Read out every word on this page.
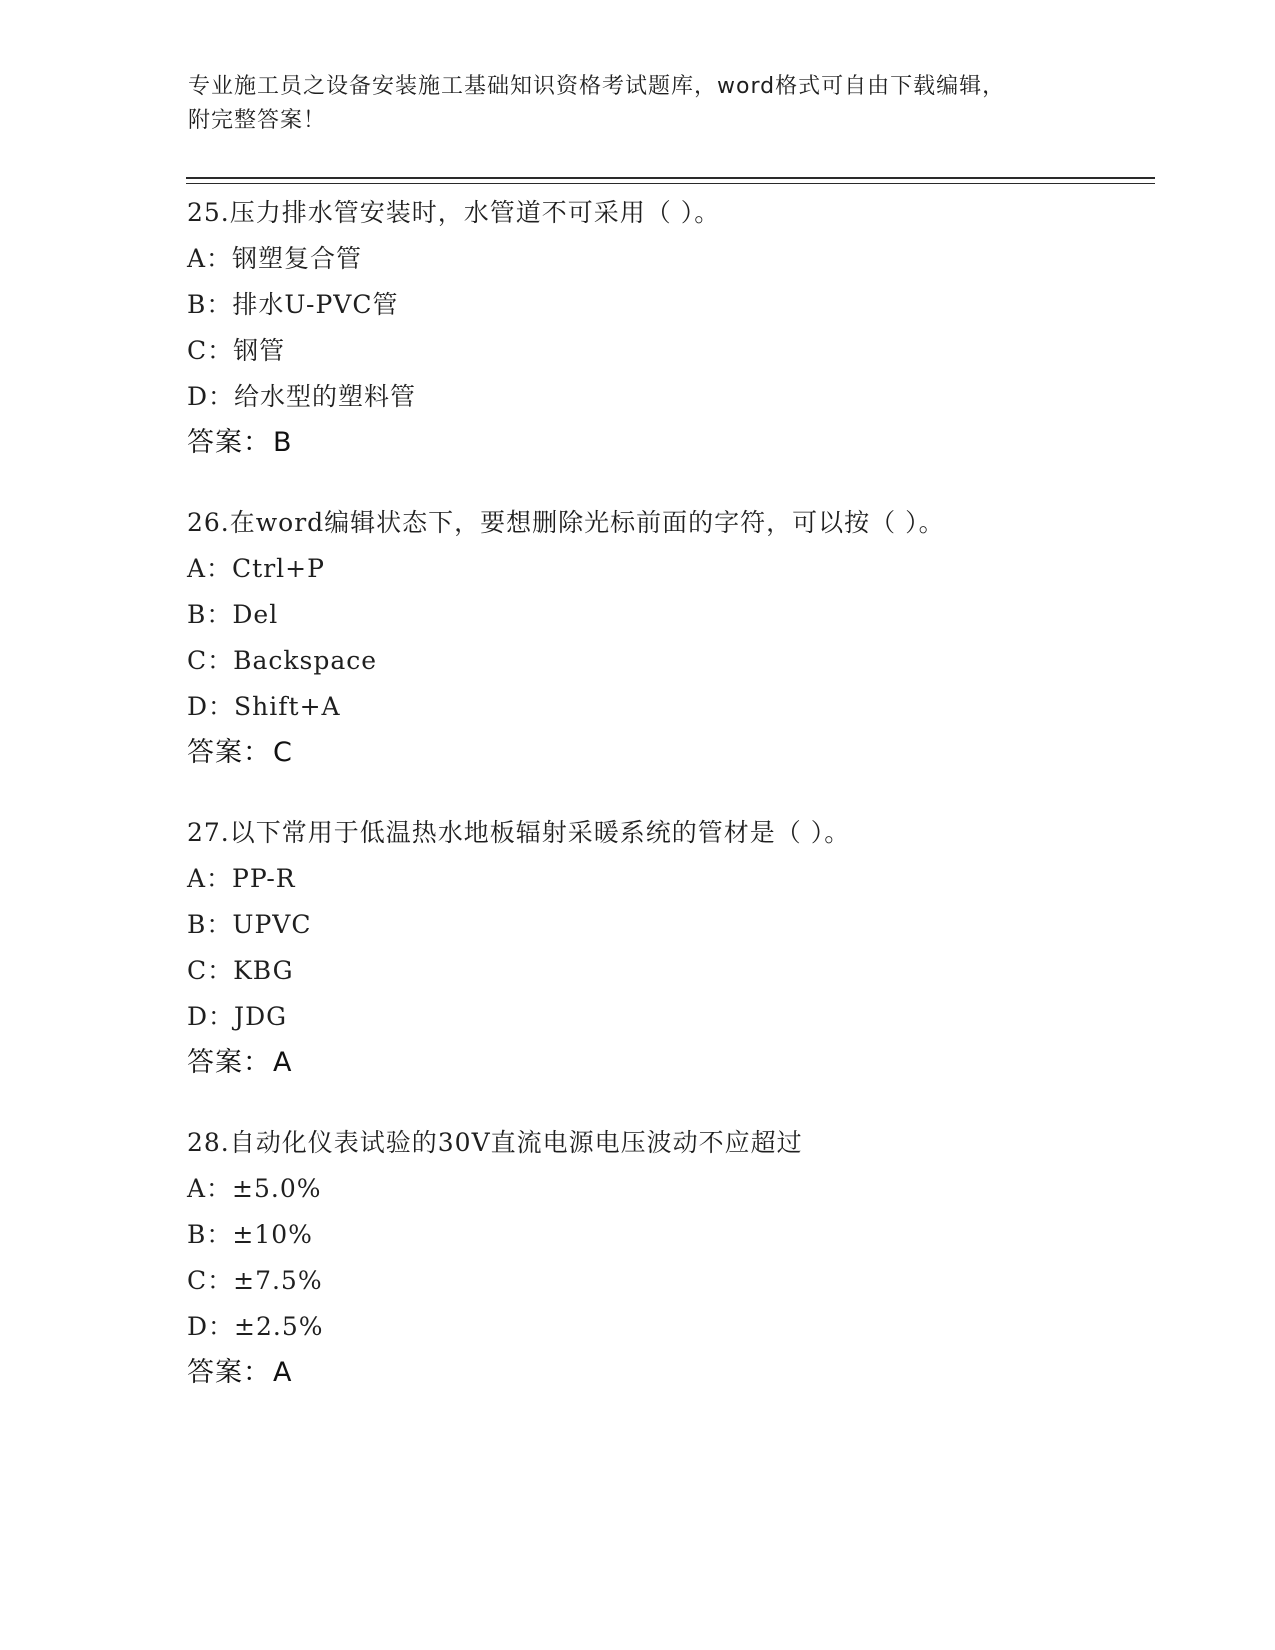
专业施工员之设备安装施工基础知识资格考试题库，word格式可自由下载编辑，
附完整答案！
25.压力排水管安装时，水管道不可采用（ ）。
A：钢塑复合管
B：排水U-PVC管
C：钢管
D：给水型的塑料管
答案：B
26.在word编辑状态下，要想删除光标前面的字符，可以按（ ）。
A：Ctrl+P
B：Del
C：Backspace
D：Shift+A
答案：C
27.以下常用于低温热水地板辐射采暖系统的管材是（ ）。
A：PP-R
B：UPVC
C：KBG
D：JDG
答案：A
28.自动化仪表试验的30V直流电源电压波动不应超过
A：±5.0%
B：±10%
C：±7.5%
D：±2.5%
答案：A
